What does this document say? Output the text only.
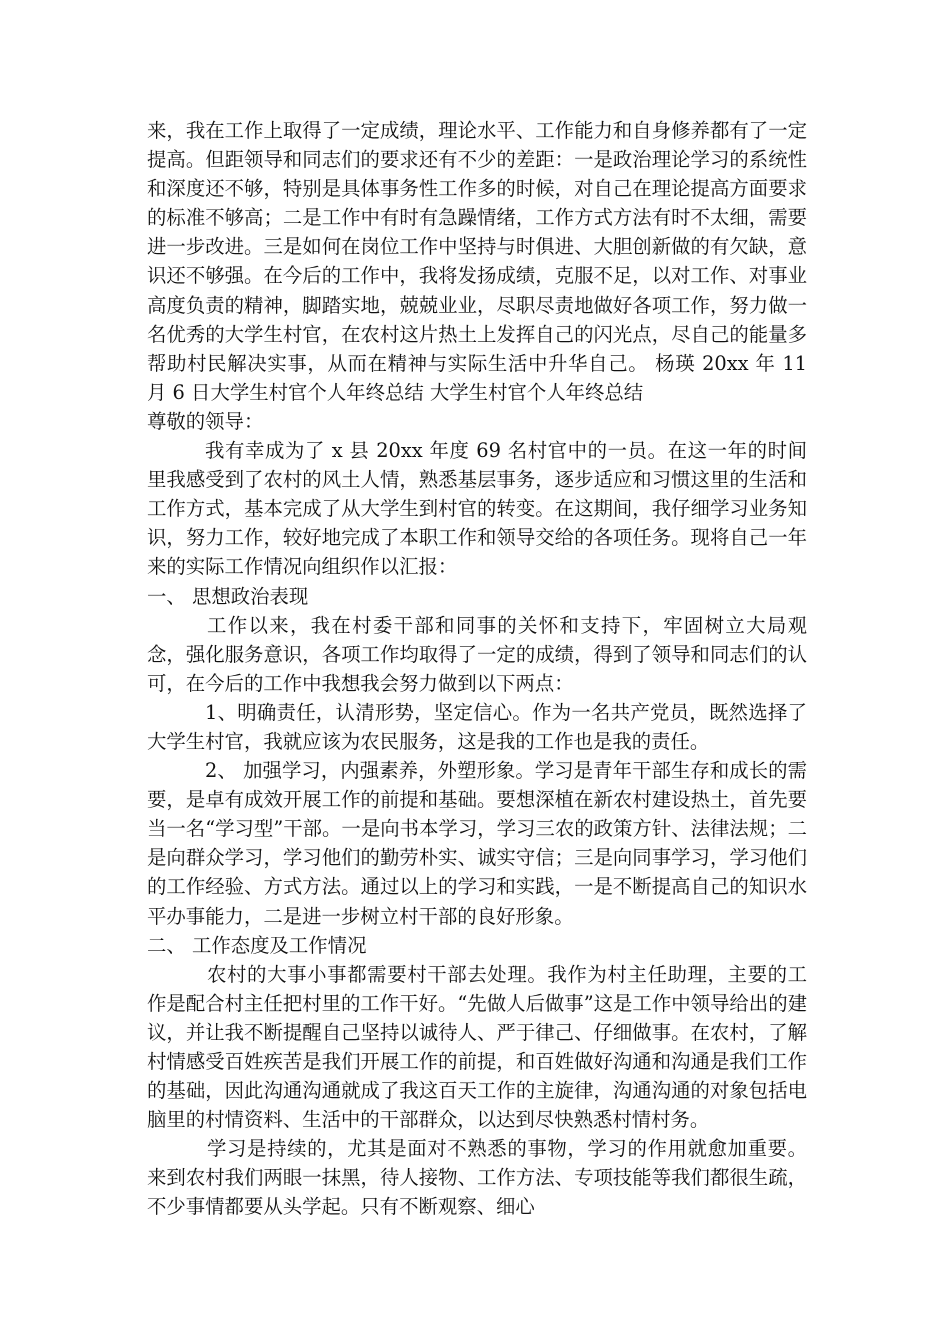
来，我在工作上取得了一定成绩，理论水平、工作能力和自身修养都有了一定提高。但距领导和同志们的要求还有不少的差距：一是政治理论学习的系统性和深度还不够，特别是具体事务性工作多的时候，对自己在理论提高方面要求的标准不够高；二是工作中有时有急躁情绪，工作方式方法有时不太细，需要进一步改进。三是如何在岗位工作中坚持与时俱进、大胆创新做的有欠缺，意识还不够强。在今后的工作中，我将发扬成绩，克服不足，以对工作、对事业高度负责的精神，脚踏实地，兢兢业业，尽职尽责地做好各项工作，努力做一名优秀的大学生村官，在农村这片热土上发挥自己的闪光点，尽自己的能量多帮助村民解决实事，从而在精神与实际生活中升华自己。 杨瑛 20xx 年 11 月 6 日大学生村官个人年终总结 大学生村官个人年终总结

尊敬的领导：

我有幸成为了 x 县 20xx 年度 69 名村官中的一员。在这一年的时间里我感受到了农村的风土人情，熟悉基层事务，逐步适应和习惯这里的生活和工作方式，基本完成了从大学生到村官的转变。在这期间，我仔细学习业务知识，努力工作，较好地完成了本职工作和领导交给的各项任务。现将自己一年来的实际工作情况向组织作以汇报：

一、 思想政治表现

工作以来，我在村委干部和同事的关怀和支持下，牢固树立大局观念，强化服务意识，各项工作均取得了一定的成绩，得到了领导和同志们的认可，在今后的工作中我想我会努力做到以下两点：

1、明确责任，认清形势，坚定信心。作为一名共产党员，既然选择了大学生村官，我就应该为农民服务，这是我的工作也是我的责任。

2、 加强学习，内强素养，外塑形象。学习是青年干部生存和成长的需要，是卓有成效开展工作的前提和基础。要想深植在新农村建设热土，首先要当一名“学习型”干部。一是向书本学习，学习三农的政策方针、法律法规；二是向群众学习，学习他们的勤劳朴实、诚实守信；三是向同事学习，学习他们的工作经验、方式方法。通过以上的学习和实践，一是不断提高自己的知识水平办事能力，二是进一步树立村干部的良好形象。

二、 工作态度及工作情况

农村的大事小事都需要村干部去处理。我作为村主任助理，主要的工作是配合村主任把村里的工作干好。“先做人后做事”这是工作中领导给出的建议，并让我不断提醒自己坚持以诚待人、严于律己、仔细做事。在农村，了解村情感受百姓疾苦是我们开展工作的前提，和百姓做好沟通和沟通是我们工作的基础，因此沟通沟通就成了我这百天工作的主旋律，沟通沟通的对象包括电脑里的村情资料、生活中的干部群众，以达到尽快熟悉村情村务。

学习是持续的，尤其是面对不熟悉的事物，学习的作用就愈加重要。来到农村我们两眼一抹黑，待人接物、工作方法、专项技能等我们都很生疏，不少事情都要从头学起。只有不断观察、细心
